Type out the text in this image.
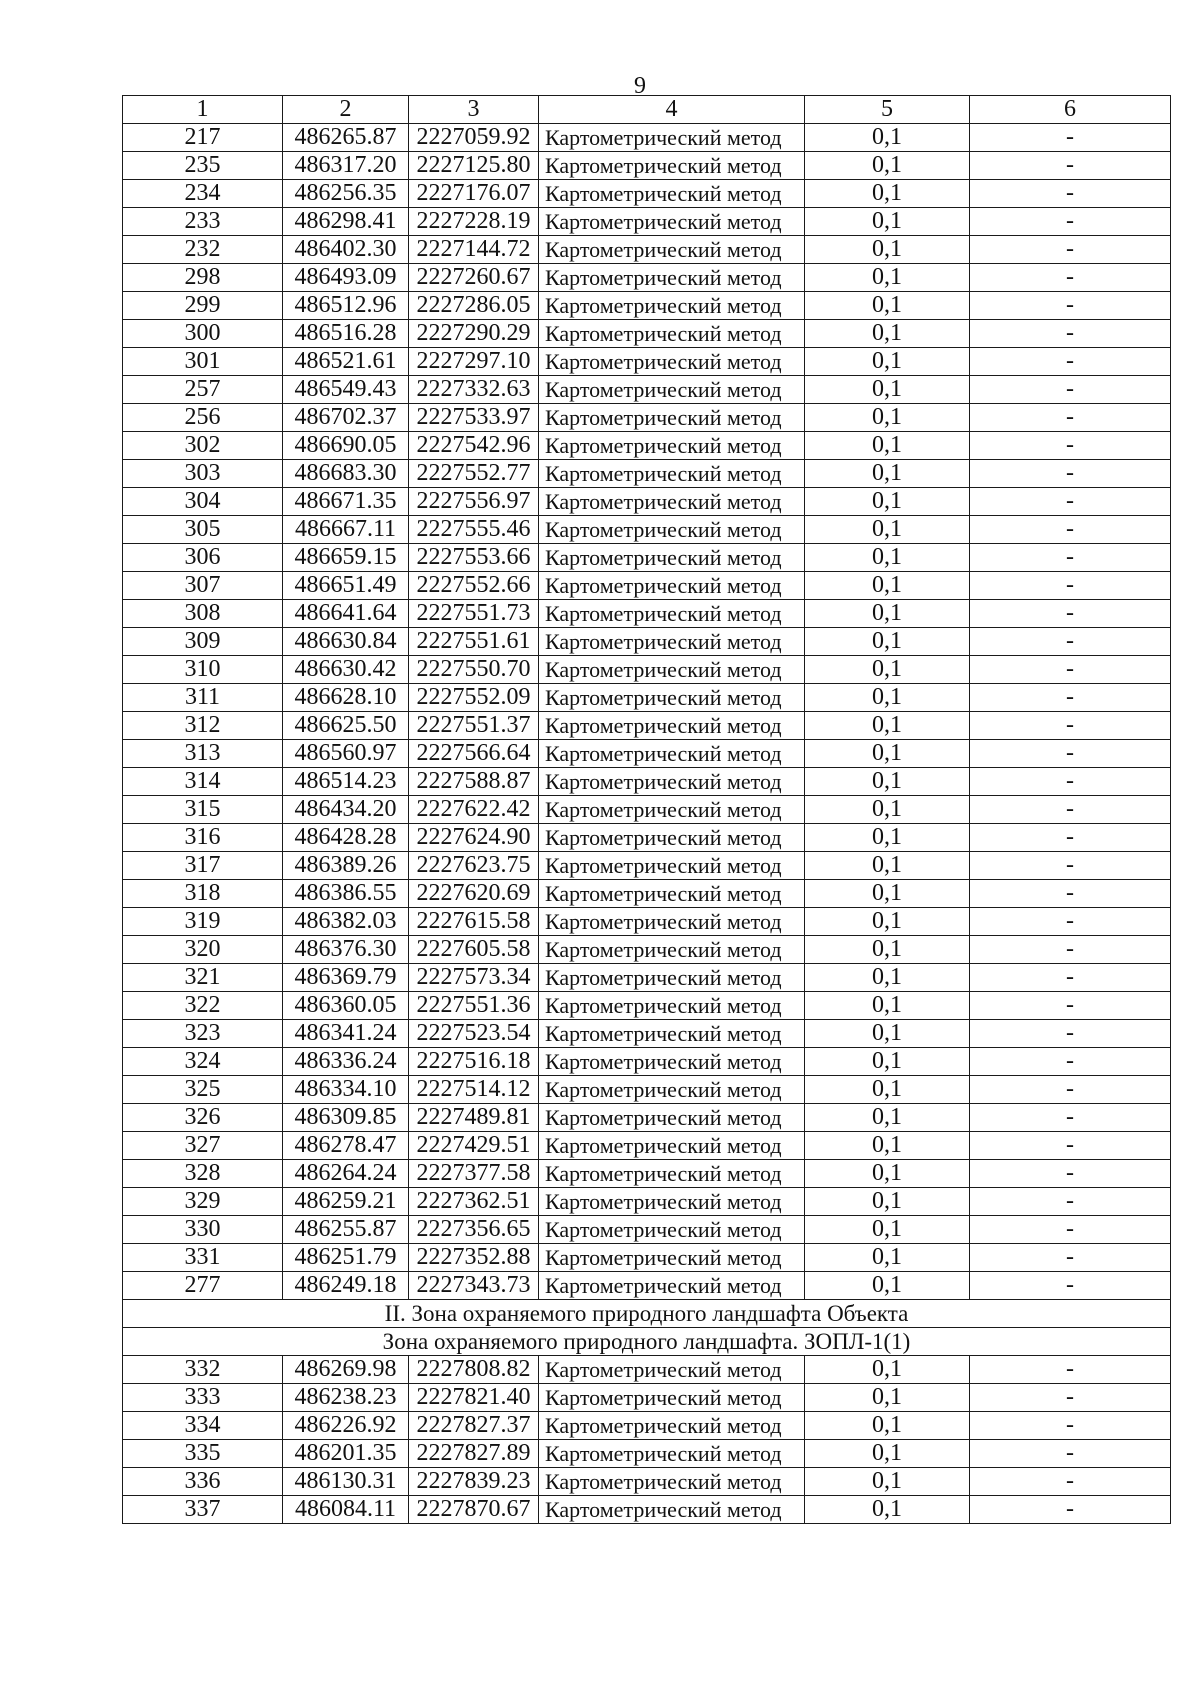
9
1	2	3	4	5	6
217	486265.87	2227059.92	Картометрический метод	0,1	-
235	486317.20	2227125.80	Картометрический метод	0,1	-
234	486256.35	2227176.07	Картометрический метод	0,1	-
233	486298.41	2227228.19	Картометрический метод	0,1	-
232	486402.30	2227144.72	Картометрический метод	0,1	-
298	486493.09	2227260.67	Картометрический метод	0,1	-
299	486512.96	2227286.05	Картометрический метод	0,1	-
300	486516.28	2227290.29	Картометрический метод	0,1	-
301	486521.61	2227297.10	Картометрический метод	0,1	-
257	486549.43	2227332.63	Картометрический метод	0,1	-
256	486702.37	2227533.97	Картометрический метод	0,1	-
302	486690.05	2227542.96	Картометрический метод	0,1	-
303	486683.30	2227552.77	Картометрический метод	0,1	-
304	486671.35	2227556.97	Картометрический метод	0,1	-
305	486667.11	2227555.46	Картометрический метод	0,1	-
306	486659.15	2227553.66	Картометрический метод	0,1	-
307	486651.49	2227552.66	Картометрический метод	0,1	-
308	486641.64	2227551.73	Картометрический метод	0,1	-
309	486630.84	2227551.61	Картометрический метод	0,1	-
310	486630.42	2227550.70	Картометрический метод	0,1	-
311	486628.10	2227552.09	Картометрический метод	0,1	-
312	486625.50	2227551.37	Картометрический метод	0,1	-
313	486560.97	2227566.64	Картометрический метод	0,1	-
314	486514.23	2227588.87	Картометрический метод	0,1	-
315	486434.20	2227622.42	Картометрический метод	0,1	-
316	486428.28	2227624.90	Картометрический метод	0,1	-
317	486389.26	2227623.75	Картометрический метод	0,1	-
318	486386.55	2227620.69	Картометрический метод	0,1	-
319	486382.03	2227615.58	Картометрический метод	0,1	-
320	486376.30	2227605.58	Картометрический метод	0,1	-
321	486369.79	2227573.34	Картометрический метод	0,1	-
322	486360.05	2227551.36	Картометрический метод	0,1	-
323	486341.24	2227523.54	Картометрический метод	0,1	-
324	486336.24	2227516.18	Картометрический метод	0,1	-
325	486334.10	2227514.12	Картометрический метод	0,1	-
326	486309.85	2227489.81	Картометрический метод	0,1	-
327	486278.47	2227429.51	Картометрический метод	0,1	-
328	486264.24	2227377.58	Картометрический метод	0,1	-
329	486259.21	2227362.51	Картометрический метод	0,1	-
330	486255.87	2227356.65	Картометрический метод	0,1	-
331	486251.79	2227352.88	Картометрический метод	0,1	-
277	486249.18	2227343.73	Картометрический метод	0,1	-
II. Зона охраняемого природного ландшафта Объекта					
Зона охраняемого природного ландшафта. ЗОПЛ-1(1)					
332	486269.98	2227808.82	Картометрический метод	0,1	-
333	486238.23	2227821.40	Картометрический метод	0,1	-
334	486226.92	2227827.37	Картометрический метод	0,1	-
335	486201.35	2227827.89	Картометрический метод	0,1	-
336	486130.31	2227839.23	Картометрический метод	0,1	-
337	486084.11	2227870.67	Картометрический метод	0,1	-
